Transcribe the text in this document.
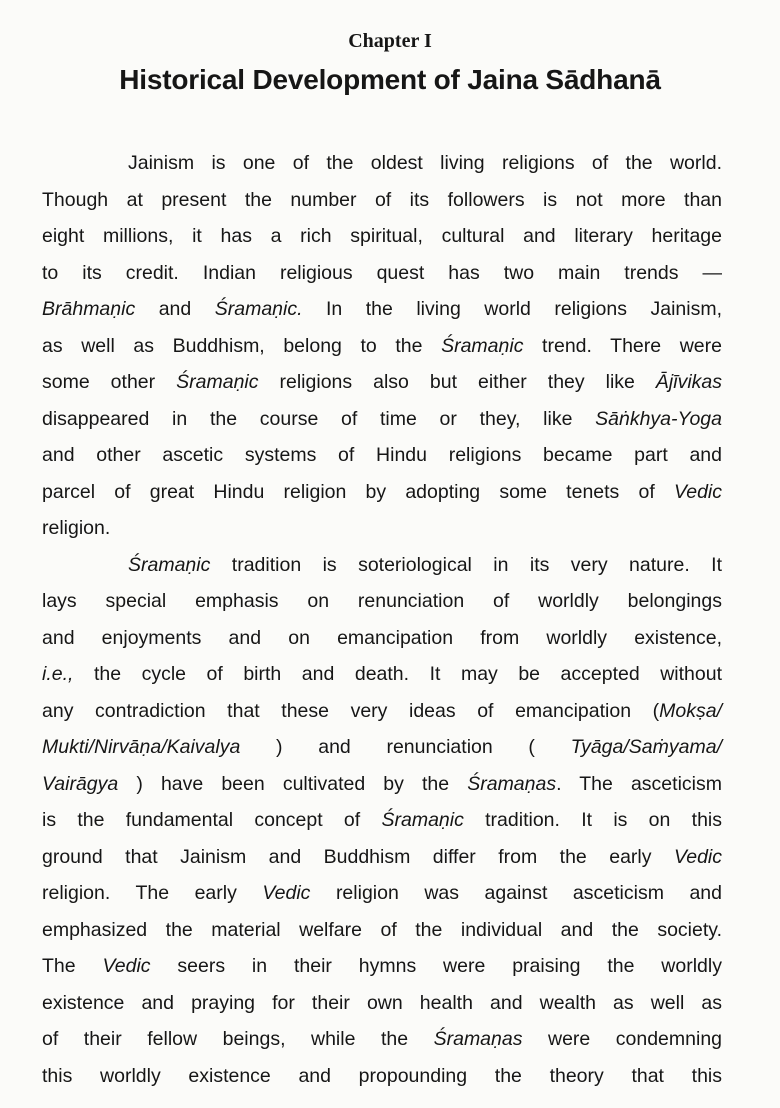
Chapter I
Historical Development of Jaina Sādhanā
Jainism is one of the oldest living religions of the world.
Though at present the number of its followers is not more than
eight millions, it has a rich spiritual, cultural and literary heritage
to its credit. Indian religious quest has two main trends —
Brāhmaṇic and Śramaṇic. In the living world religions Jainism,
as well as Buddhism, belong to the Śramaṇic trend. There were
some other Śramaṇic religions also but either they like Ājīvikas
disappeared in the course of time or they, like Sāṅkhya-Yoga
and other ascetic systems of Hindu religions became part and
parcel of great Hindu religion by adopting some tenets of Vedic
religion.
Śramaṇic tradition is soteriological in its very nature. It
lays special emphasis on renunciation of worldly belongings
and enjoyments and on emancipation from worldly existence,
i.e., the cycle of birth and death. It may be accepted without
any contradiction that these very ideas of emancipation (Mokṣa/
Mukti/Nirvāṇa/Kaivalya ) and renunciation ( Tyāga/Saṁyama/
Vairāgya ) have been cultivated by the Śramaṇas. The asceticism
is the fundamental concept of Śramaṇic tradition. It is on this
ground that Jainism and Buddhism differ from the early Vedic
religion. The early Vedic religion was against asceticism and
emphasized the material welfare of the individual and the society.
The Vedic seers in their hymns were praising the worldly
existence and praying for their own health and wealth as well as
of their fellow beings, while the Śramaṇas were condemning
this worldly existence and propounding the theory that this
